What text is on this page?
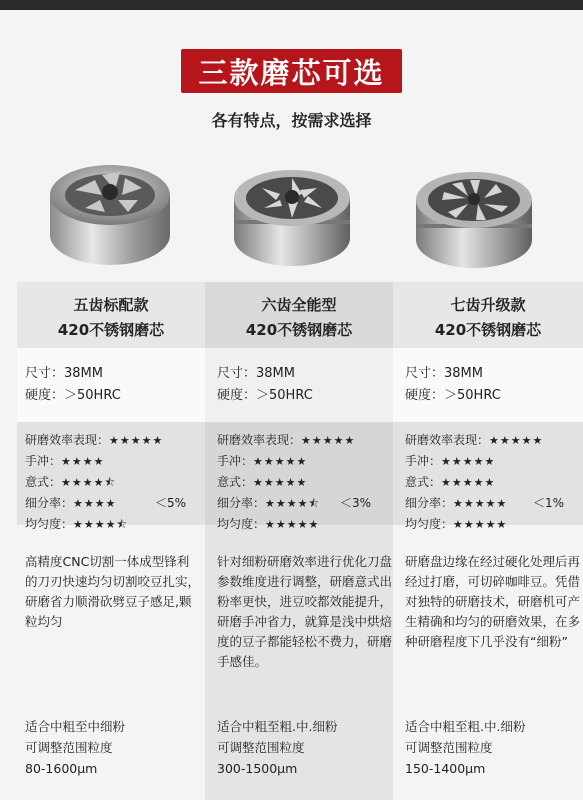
三款磨芯可选
各有特点，按需求选择
五齿标配款
420不锈钢磨芯
尺寸：38MM
硬度：＞50HRC
研磨效率表现：★★★★★
手冲：★★★★
意式：★★★★⯪
细分率：★★★★	＜5%
均匀度：★★★★⯪
高精度CNC切割一体成型锋利的刀刃快速均匀切割咬豆扎实，研磨省力顺滑砍劈豆子感足,颗粒均匀
适合中粗至中细粉
可调整范围粒度
80-1600μm
六齿全能型
420不锈钢磨芯
尺寸：38MM
硬度：＞50HRC
研磨效率表现：★★★★★
手冲：★★★★★
意式：★★★★★
细分率：★★★★⯪ ＜3%
均匀度：★★★★★
针对细粉研磨效率进行优化刀盘参数维度进行调整，研磨意式出粉率更快，进豆咬都效能提升，研磨手冲省力，就算是浅中烘焙度的豆子都能轻松不费力，研磨手感佳。
适合中粗至粗.中.细粉
可调整范围粒度
300-1500μm
七齿升级款
420不锈钢磨芯
尺寸：38MM
硬度：＞50HRC
研磨效率表现：★★★★★
手冲：★★★★★
意式：★★★★★
细分率：★★★★★ ＜1%
均匀度：★★★★★
研磨盘边缘在经过硬化处理后再经过打磨，可切碎咖啡豆。凭借对独特的研磨技术，研磨机可产生精确和均匀的研磨效果，在多种研磨程度下几乎没有“细粉”
适合中粗至粗.中.细粉
可调整范围粒度
150-1400μm
